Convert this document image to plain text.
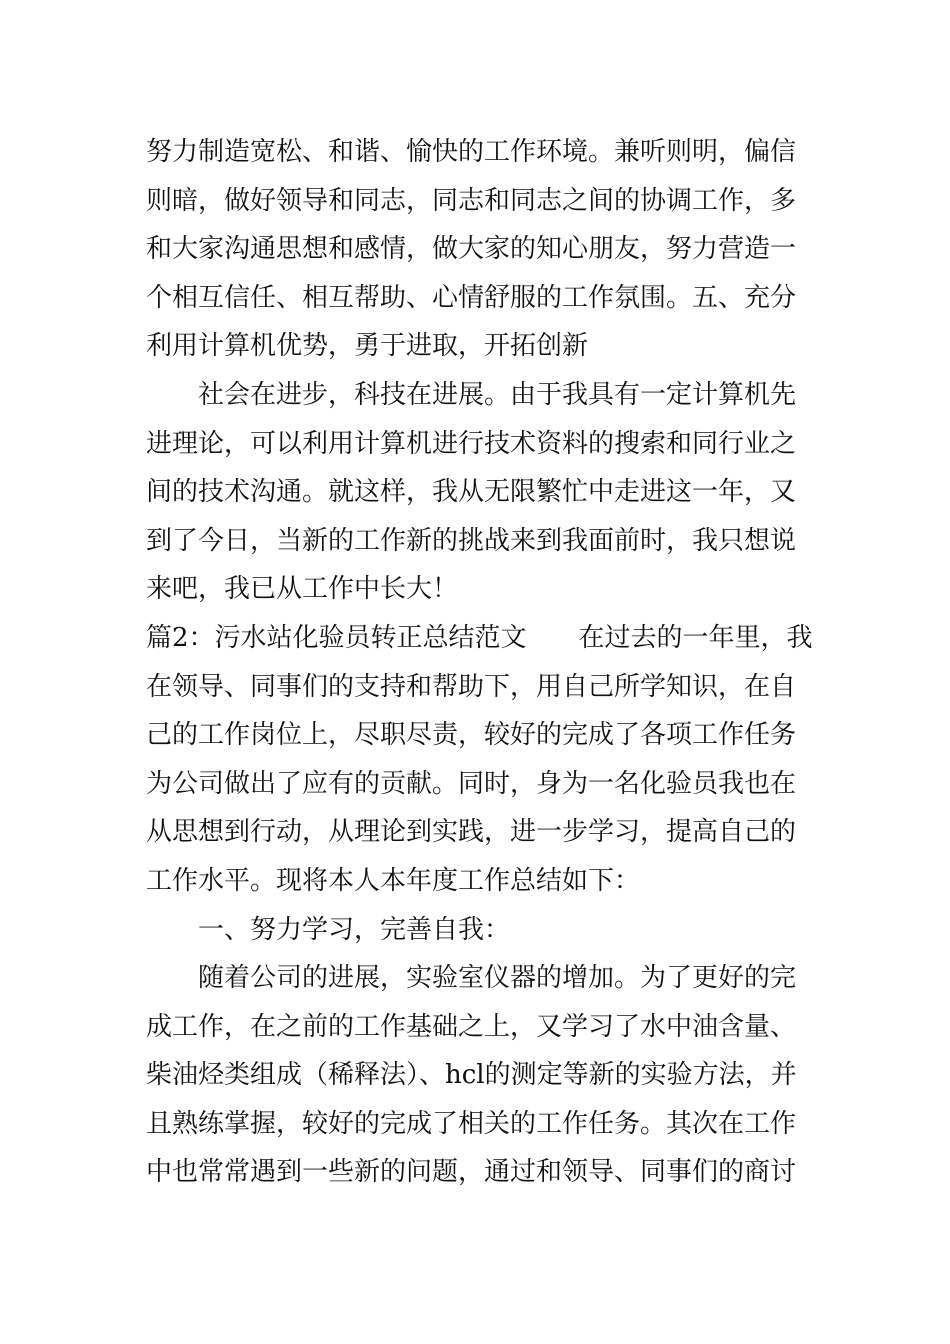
努力制造宽松、和谐、愉快的工作环境。兼听则明，偏信
则暗，做好领导和同志，同志和同志之间的协调工作，多
和大家沟通思想和感情，做大家的知心朋友，努力营造一
个相互信任、相互帮助、心情舒服的工作氛围。五、充分
利用计算机优势，勇于进取，开拓创新
　　社会在进步，科技在进展。由于我具有一定计算机先
进理论，可以利用计算机进行技术资料的搜索和同行业之
间的技术沟通。就这样，我从无限繁忙中走进这一年，又
到了今日，当新的工作新的挑战来到我面前时，我只想说
来吧，我已从工作中长大！
篇2：污水站化验员转正总结范文　　在过去的一年里，我
在领导、同事们的支持和帮助下，用自己所学知识，在自
己的工作岗位上，尽职尽责，较好的完成了各项工作任务
为公司做出了应有的贡献。同时，身为一名化验员我也在
从思想到行动，从理论到实践，进一步学习，提高自己的
工作水平。现将本人本年度工作总结如下：
　　一、努力学习，完善自我：
　　随着公司的进展，实验室仪器的增加。为了更好的完
成工作，在之前的工作基础之上，又学习了水中油含量、
柴油烃类组成（稀释法）、hcl的测定等新的实验方法，并
且熟练掌握，较好的完成了相关的工作任务。其次在工作
中也常常遇到一些新的问题，通过和领导、同事们的商讨
